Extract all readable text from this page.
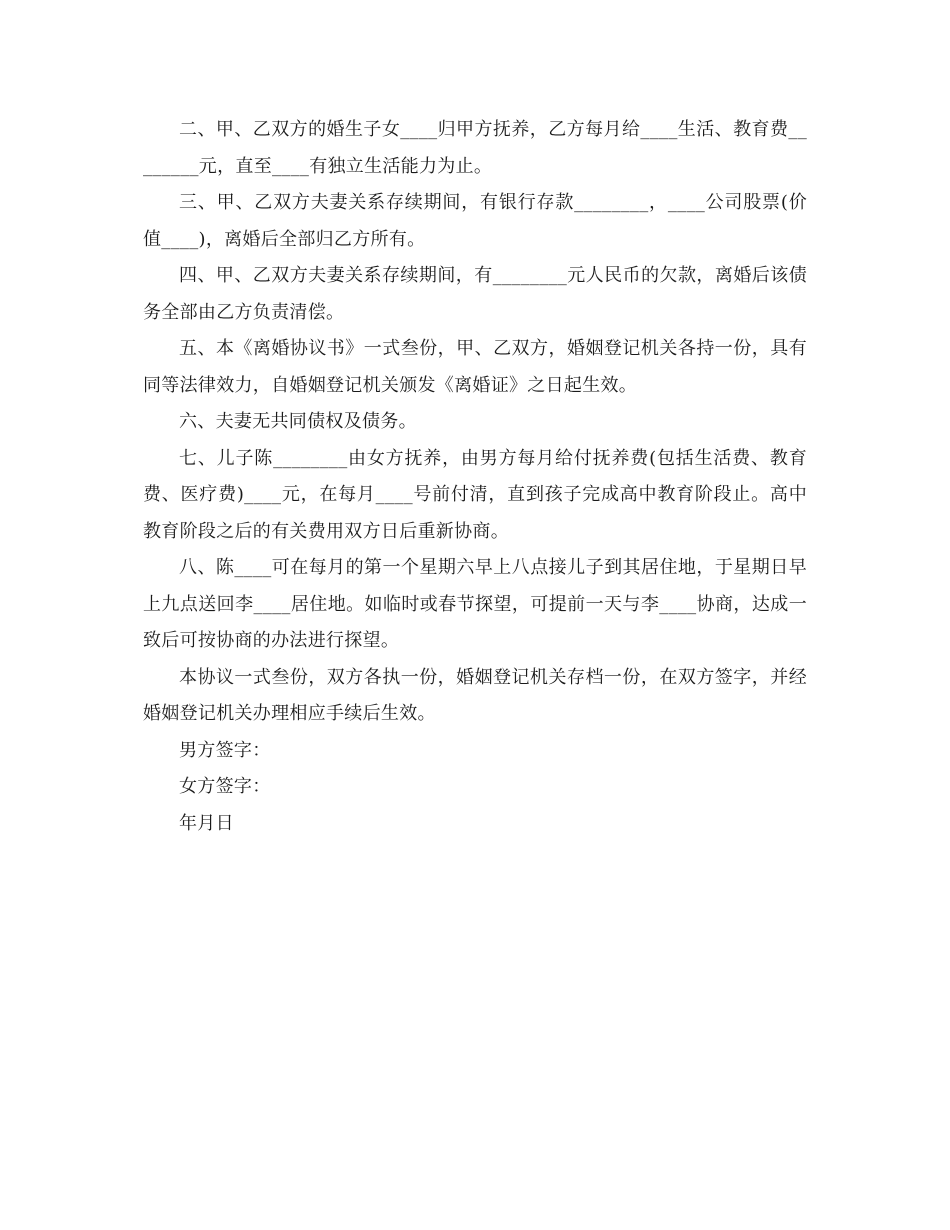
二、甲、乙双方的婚生子女____归甲方抚养，乙方每月给____生活、教育费________元，直至____有独立生活能力为止。

三、甲、乙双方夫妻关系存续期间，有银行存款________，____公司股票(价值____)，离婚后全部归乙方所有。

四、甲、乙双方夫妻关系存续期间，有________元人民币的欠款，离婚后该债务全部由乙方负责清偿。

五、本《离婚协议书》一式叁份，甲、乙双方，婚姻登记机关各持一份，具有同等法律效力，自婚姻登记机关颁发《离婚证》之日起生效。

六、夫妻无共同债权及债务。

七、儿子陈________由女方抚养，由男方每月给付抚养费(包括生活费、教育费、医疗费)____元，在每月____号前付清，直到孩子完成高中教育阶段止。高中教育阶段之后的有关费用双方日后重新协商。

八、陈____可在每月的第一个星期六早上八点接儿子到其居住地，于星期日早上九点送回李____居住地。如临时或春节探望，可提前一天与李____协商，达成一致后可按协商的办法进行探望。

本协议一式叁份，双方各执一份，婚姻登记机关存档一份，在双方签字，并经婚姻登记机关办理相应手续后生效。

男方签字：

女方签字：

年月日
